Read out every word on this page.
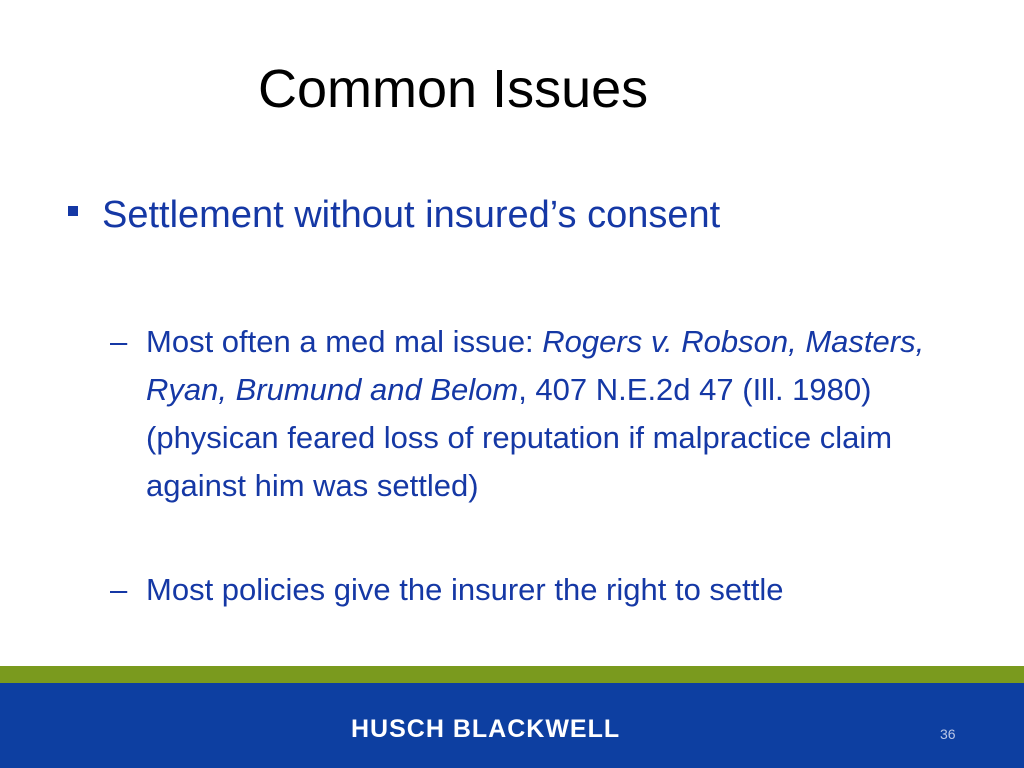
Common Issues
Settlement without insured’s consent
– Most often a med mal issue: Rogers v. Robson, Masters, Ryan, Brumund and Belom, 407 N.E.2d 47 (Ill. 1980)(physican feared loss of reputation if malpractice claim against him was settled)
– Most policies give the insurer the right to settle
HUSCH BLACKWELL	36
